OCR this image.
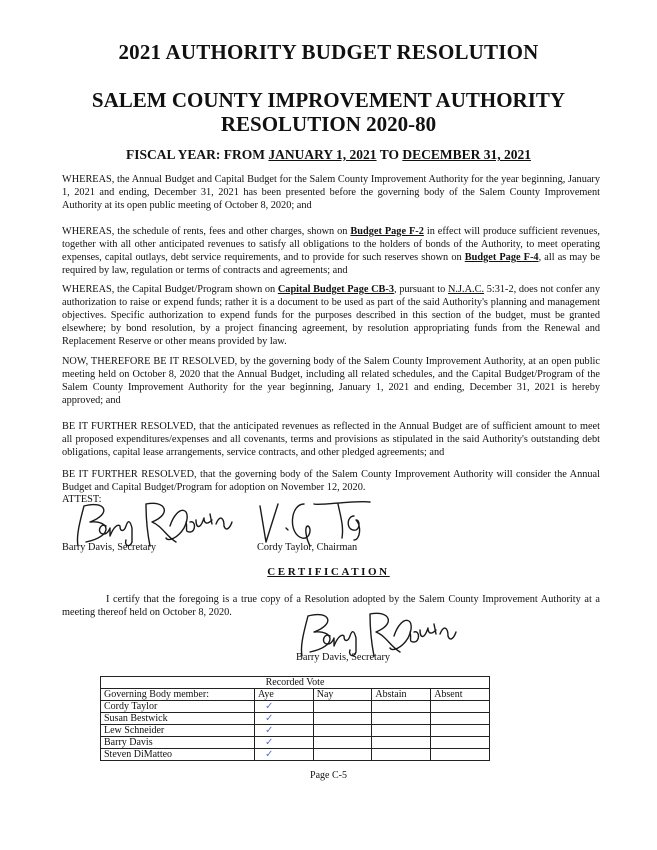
2021 AUTHORITY BUDGET RESOLUTION
SALEM COUNTY IMPROVEMENT AUTHORITY
RESOLUTION 2020-80
FISCAL YEAR: FROM JANUARY 1, 2021 TO DECEMBER 31, 2021
WHEREAS, the Annual Budget and Capital Budget for the Salem County Improvement Authority for the year beginning, January 1, 2021 and ending, December 31, 2021 has been presented before the governing body of the Salem County Improvement Authority at its open public meeting of October 8, 2020; and
WHEREAS, the schedule of rents, fees and other charges, shown on Budget Page F-2 in effect will produce sufficient revenues, together with all other anticipated revenues to satisfy all obligations to the holders of bonds of the Authority, to meet operating expenses, capital outlays, debt service requirements, and to provide for such reserves shown on Budget Page F-4, all as may be required by law, regulation or terms of contracts and agreements; and
WHEREAS, the Capital Budget/Program shown on Capital Budget Page CB-3, pursuant to N.J.A.C. 5:31-2, does not confer any authorization to raise or expend funds; rather it is a document to be used as part of the said Authority's planning and management objectives. Specific authorization to expend funds for the purposes described in this section of the budget, must be granted elsewhere; by bond resolution, by a project financing agreement, by resolution appropriating funds from the Renewal and Replacement Reserve or other means provided by law.
NOW, THEREFORE BE IT RESOLVED, by the governing body of the Salem County Improvement Authority, at an open public meeting held on October 8, 2020 that the Annual Budget, including all related schedules, and the Capital Budget/Program of the Salem County Improvement Authority for the year beginning, January 1, 2021 and ending, December 31, 2021 is hereby approved; and
BE IT FURTHER RESOLVED, that the anticipated revenues as reflected in the Annual Budget are of sufficient amount to meet all proposed expenditures/expenses and all covenants, terms and provisions as stipulated in the said Authority's outstanding debt obligations, capital lease arrangements, service contracts, and other pledged agreements; and
BE IT FURTHER RESOLVED, that the governing body of the Salem County Improvement Authority will consider the Annual Budget and Capital Budget/Program for adoption on November 12, 2020.
ATTEST:
Barry Davis, Secretary	Cordy Taylor, Chairman
CERTIFICATION
I certify that the foregoing is a true copy of a Resolution adopted by the Salem County Improvement Authority at a meeting thereof held on October 8, 2020.
Barry Davis, Secretary
Recorded Vote				
Governing Body member:	Aye	Nay	Abstain	Absent
Cordy Taylor	✓			
Susan Bestwick	✓			
Lew Schneider	✓			
Barry Davis	✓			
Steven DiMatteo	✓			
Page C-5
